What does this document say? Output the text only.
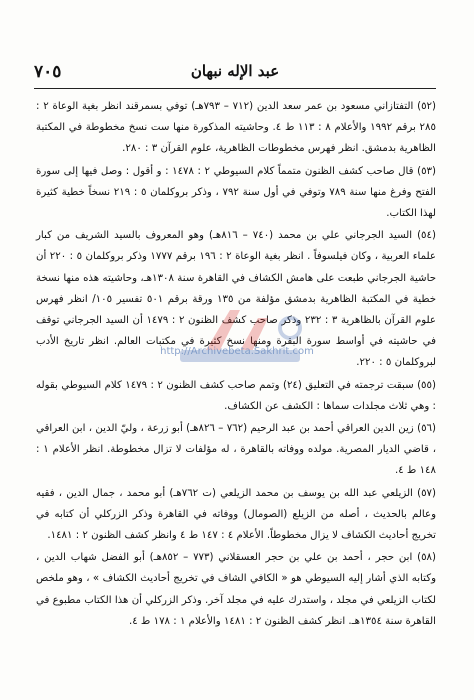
٧٠٥	عبد الإله نبهان

(٥٢) التفتازاني مسعود بن عمر سعد الدين (٧١٢ – ٧٩٣هـ) توفي بسمرقند انظر بغية الوعاة ٢ : ٢٨٥ برقم ١٩٩٢ والأعلام ٨ : ١١٣ ط ٤. وحاشيته المذكورة منها ست نسخ مخطوطة في المكتبة الظاهرية بدمشق. انظر فهرس مخطوطات الظاهرية، علوم القرآن ٣ : ٢٨٠.

(٥٣) قال صاحب كشف الظنون متمماً كلام السيوطي ٢ : ١٤٧٨ : و أقول : وصل فيها إلى سورة الفتح وفرغ منها سنة ٧٨٩ وتوفي في أول سنة ٧٩٢ ، وذكر بروكلمان ٥ : ٢١٩ نسخاً خطية كثيرة لهذا الكتاب.

(٥٤) السيد الجرجاني علي بن محمد (٧٤٠ – ٨١٦هـ) وهو المعروف بالسيد الشريف من كبار علماء العربية ، وكان فيلسوفاً . انظر بغية الوعاة ٢ : ١٩٦ برقم ١٧٧٧ وذكر بروكلمان ٥ : ٢٢٠ أن حاشية الجرجاني طبعت على هامش الكشاف في القاهرة سنة ١٣٠٨هـ، وحاشيته هذه منها نسخة خطية في المكتبة الظاهرية بدمشق مؤلفة من ١٣٥ ورقة برقم ٥٠١ تفسير ١٠٥/ انظر فهرس علوم القرآن بالظاهرية ٣ : ٢٣٢ وذكر صاحب كشف الظنون ٢ : ١٤٧٩ أن السيد الجرجاني توقف في حاشيته في أواسط سورة البقرة ومنها نسخ كثيرة في مكتبات العالم. انظر تاريخ الأدب لبروكلمان ٥ : ٢٢٠.

(٥٥) سبقت ترجمته في التعليق (٢٤) وتمم صاحب كشف الظنون ٢ : ١٤٧٩ كلام السيوطي بقوله : وهي ثلاث مجلدات سماها : الكشف عن الكشاف.

(٥٦) زين الدين العراقي أحمد بن عبد الرحيم (٧٦٢ – ٨٢٦هـ) أبو زرعة ، وليّ الدين ، ابن العراقي ، قاضي الديار المصرية. مولده ووفاته بالقاهرة ، له مؤلفات لا تزال مخطوطة. انظر الأعلام ١ : ١٤٨ ط ٤.

(٥٧) الزيلعي عبد الله بن يوسف بن محمد الزيلعي (ت ٧٦٢هـ) أبو محمد ، جمال الدين ، فقيه وعالم بالحديث ، أصله من الزيلع (الصومال) ووفاته في القاهرة وذكر الزركلي أن كتابه في تخريج أحاديث الكشاف لا يزال مخطوطاً. الأعلام ٤ : ١٤٧ ط ٤ وانظر كشف الظنون ٢ : ١٤٨١.

(٥٨) ابن حجر ، أحمد بن علي بن حجر العسقلاني (٧٧٣ – ٨٥٢هـ) أبو الفضل شهاب الدين ، وكتابه الذي أشار إليه السيوطي هو « الكافي الشاف في تخريج أحاديث الكشاف » ، وهو ملخص لكتاب الزيلعي في مجلد ، واستدرك عليه في مجلد آخر. وذكر الزركلي أن هذا الكتاب مطبوع في القاهرة سنة ١٣٥٤هـ. انظر كشف الظنون ٢ : ١٤٨١ والأعلام ١ : ١٧٨ ط ٤.

http://Archivebeta.Sakhrit.com
